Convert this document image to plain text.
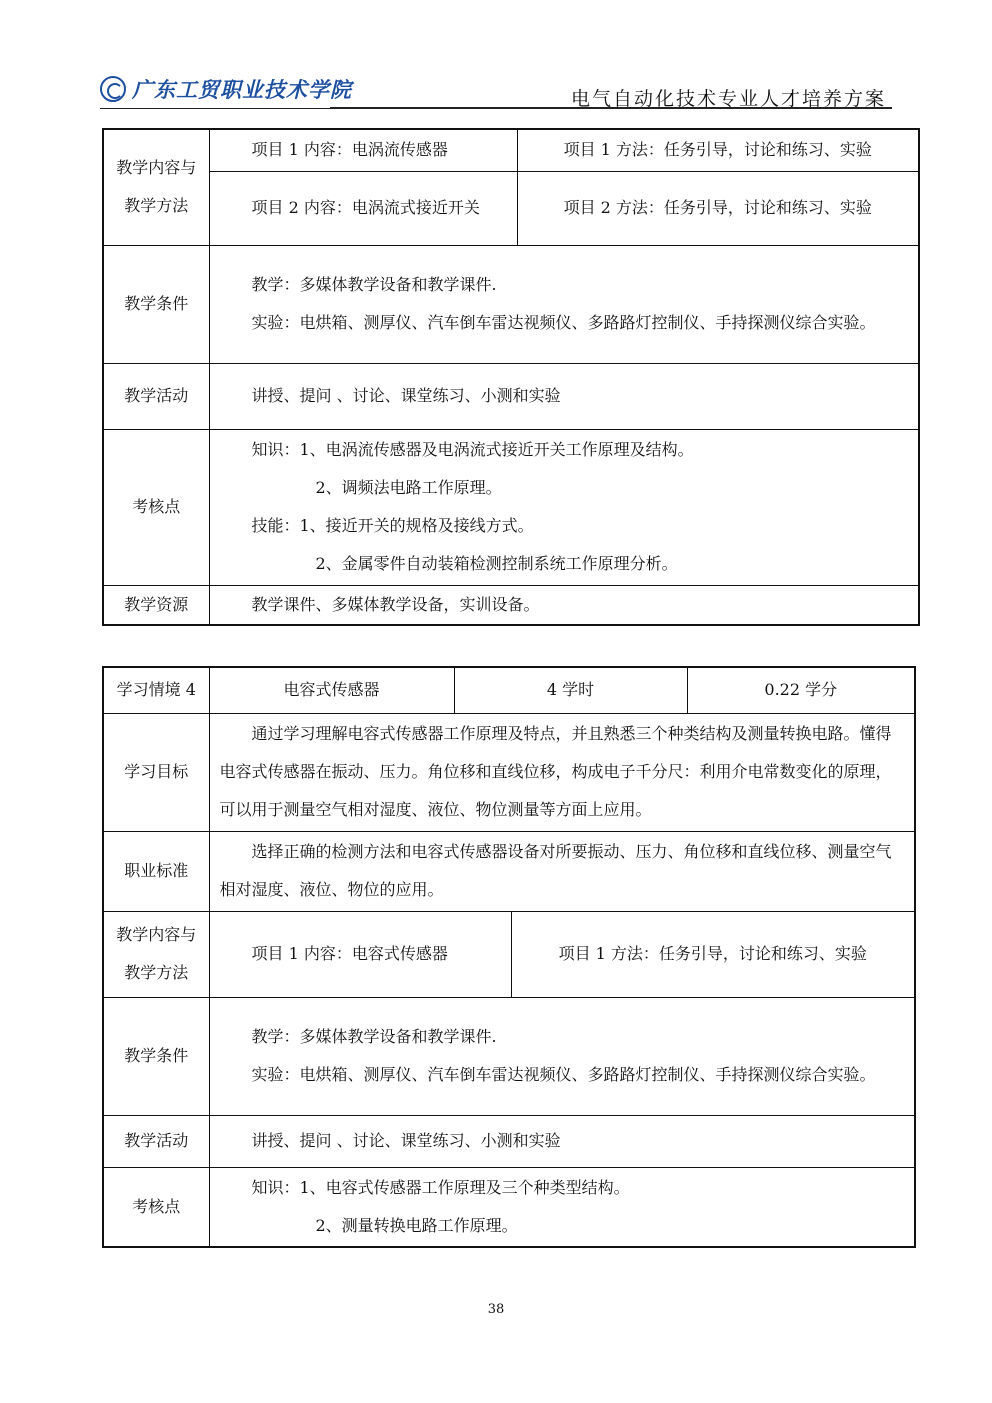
广东工贸职业技术学院	电气自动化技术专业人才培养方案
教学内容与
教学方法	项目 1 内容：电涡流传感器	项目 1 方法：任务引导，讨论和练习、实验

	项目 2 内容：电涡流式接近开关	项目 2 方法：任务引导，讨论和练习、实验
教学条件	教学：多媒体教学设备和教学课件.

实验：电烘箱、测厚仪、汽车倒车雷达视频仪、多路路灯控制仪、手持探测仪综合实验。	

教学活动	讲授、提问 、讨论、课堂练习、小测和实验	

考核点	知识：1、电涡流传感器及电涡流式接近开关工作原理及结构。

2、调频法电路工作原理。

技能：1、接近开关的规格及接线方式。

2、金属零件自动装箱检测控制系统工作原理分析。	

教学资源	教学课件、多媒体教学设备，实训设备。	

学习情境 4	电容式传感器	4 学时		0.22 学分
学习目标	通过学习理解电容式传感器工作原理及特点，并且熟悉三个种类结构及测量转换电路。懂得电容式传感器在振动、压力。角位移和直线位移，构成电子千分尺：利用介电常数变化的原理，可以用于测量空气相对湿度、液位、物位测量等方面上应用。			

职业标准	选择正确的检测方法和电容式传感器设备对所要振动、压力、角位移和直线位移、测量空气相对湿度、液位、物位的应用。			

教学内容与
教学方法	项目 1 内容：电容式传感器		项目 1 方法：任务引导，讨论和练习、实验	
教学条件	教学：多媒体教学设备和教学课件.

实验：电烘箱、测厚仪、汽车倒车雷达视频仪、多路路灯控制仪、手持探测仪综合实验。			

教学活动	讲授、提问 、讨论、课堂练习、小测和实验			

考核点	知识：1、电容式传感器工作原理及三个种类型结构。

2、测量转换电路工作原理。			

38
